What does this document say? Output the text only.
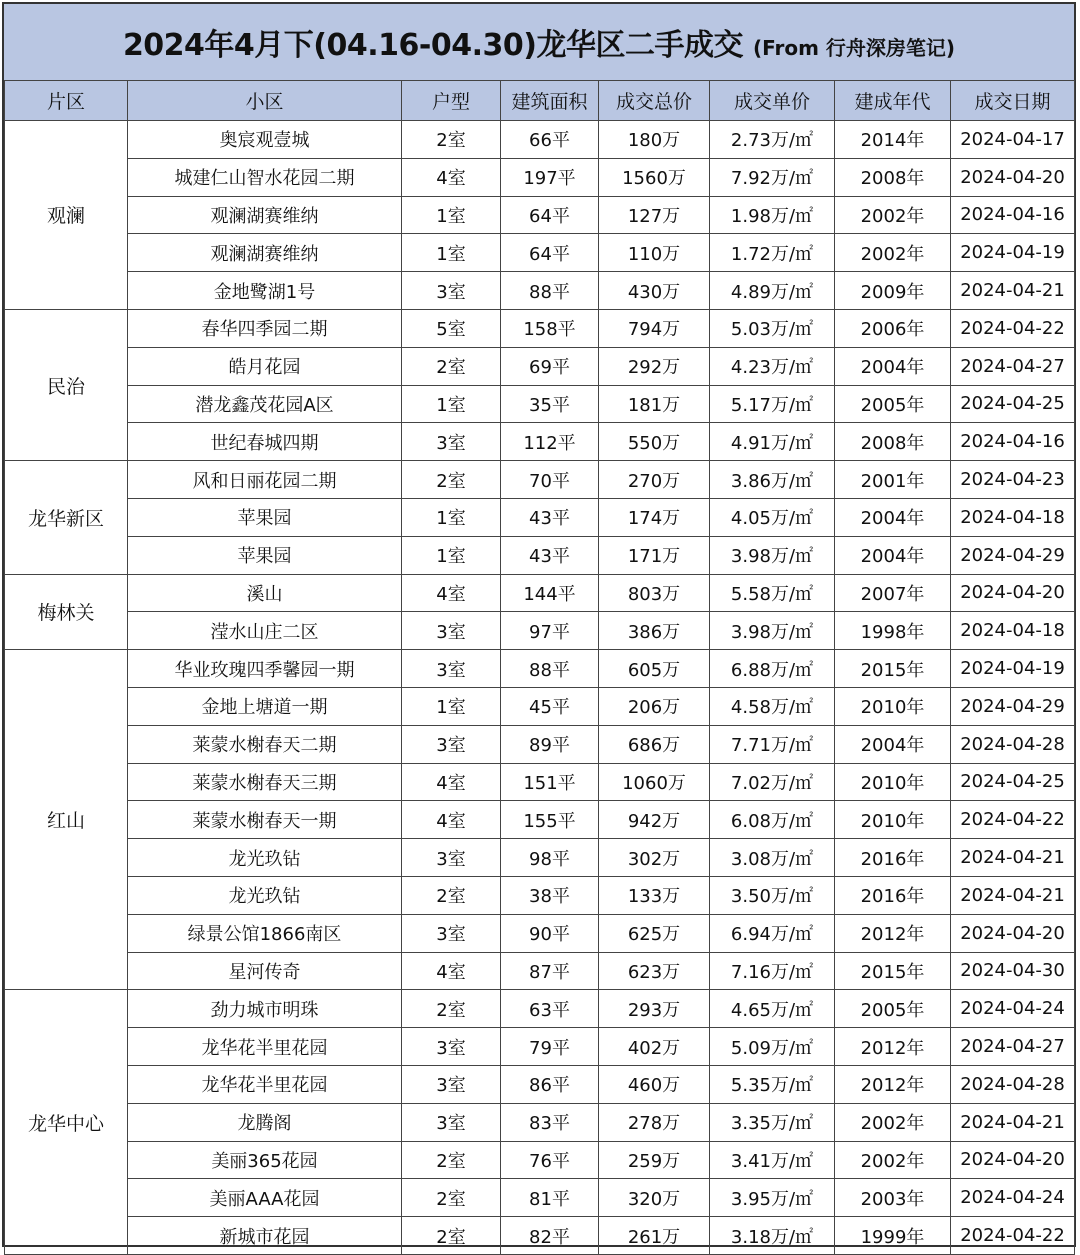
2024年4月下(04.16-04.30)龙华区二手成交 (From 行舟深房笔记)
片区	小区	户型	建筑面积	成交总价	成交单价	建成年代	成交日期
观澜	奥宸观壹城	2室	66平	180万	2.73万/㎡	2014年	2024-04-17
	城建仁山智水花园二期	4室	197平	1560万	7.92万/㎡	2008年	2024-04-20
	观澜湖赛维纳	1室	64平	127万	1.98万/㎡	2002年	2024-04-16
	观澜湖赛维纳	1室	64平	110万	1.72万/㎡	2002年	2024-04-19
	金地鹭湖1号	3室	88平	430万	4.89万/㎡	2009年	2024-04-21
民治	春华四季园二期	5室	158平	794万	5.03万/㎡	2006年	2024-04-22
	皓月花园	2室	69平	292万	4.23万/㎡	2004年	2024-04-27
	潜龙鑫茂花园A区	1室	35平	181万	5.17万/㎡	2005年	2024-04-25
	世纪春城四期	3室	112平	550万	4.91万/㎡	2008年	2024-04-16
龙华新区	风和日丽花园二期	2室	70平	270万	3.86万/㎡	2001年	2024-04-23
	苹果园	1室	43平	174万	4.05万/㎡	2004年	2024-04-18
	苹果园	1室	43平	171万	3.98万/㎡	2004年	2024-04-29
梅林关	溪山	4室	144平	803万	5.58万/㎡	2007年	2024-04-20
	滢水山庄二区	3室	97平	386万	3.98万/㎡	1998年	2024-04-18
红山	华业玫瑰四季馨园一期	3室	88平	605万	6.88万/㎡	2015年	2024-04-19
	金地上塘道一期	1室	45平	206万	4.58万/㎡	2010年	2024-04-29
	莱蒙水榭春天二期	3室	89平	686万	7.71万/㎡	2004年	2024-04-28
	莱蒙水榭春天三期	4室	151平	1060万	7.02万/㎡	2010年	2024-04-25
	莱蒙水榭春天一期	4室	155平	942万	6.08万/㎡	2010年	2024-04-22
	龙光玖钻	3室	98平	302万	3.08万/㎡	2016年	2024-04-21
	龙光玖钻	2室	38平	133万	3.50万/㎡	2016年	2024-04-21
	绿景公馆1866南区	3室	90平	625万	6.94万/㎡	2012年	2024-04-20
	星河传奇	4室	87平	623万	7.16万/㎡	2015年	2024-04-30
龙华中心	劲力城市明珠	2室	63平	293万	4.65万/㎡	2005年	2024-04-24
	龙华花半里花园	3室	79平	402万	5.09万/㎡	2012年	2024-04-27
	龙华花半里花园	3室	86平	460万	5.35万/㎡	2012年	2024-04-28
	龙腾阁	3室	83平	278万	3.35万/㎡	2002年	2024-04-21
	美丽365花园	2室	76平	259万	3.41万/㎡	2002年	2024-04-20
	美丽AAA花园	2室	81平	320万	3.95万/㎡	2003年	2024-04-24
	新城市花园	2室	82平	261万	3.18万/㎡	1999年	2024-04-22
